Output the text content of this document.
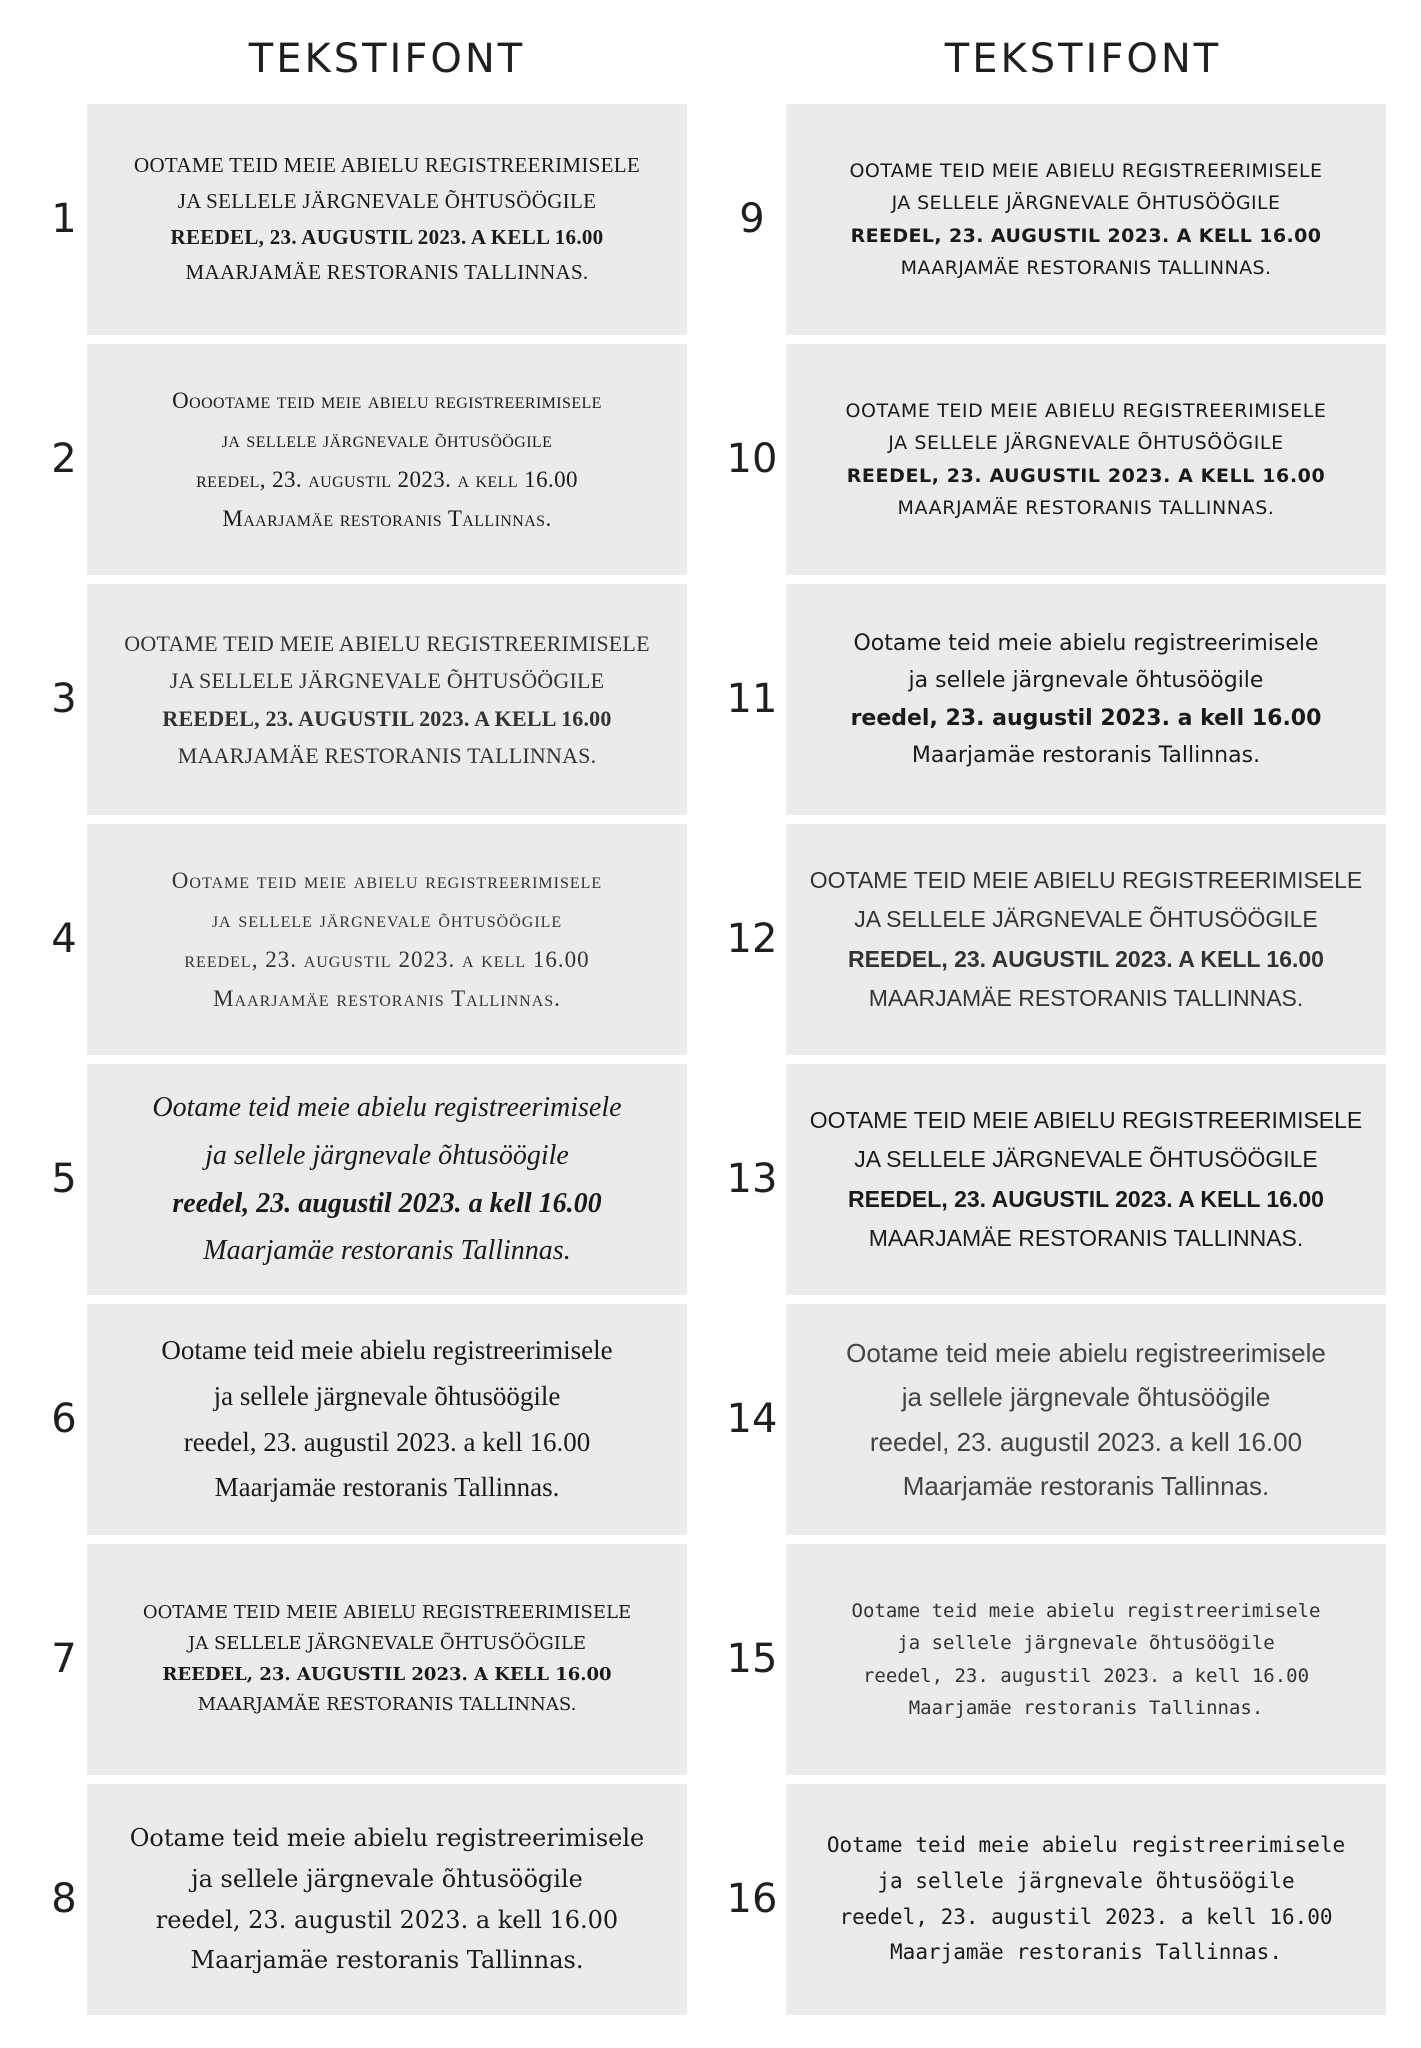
TEKSTIFONT	TEKSTIFONT
1
OOTAME TEID MEIE ABIELU REGISTREERIMISELE
JA SELLELE JÄRGNEVALE ÕHTUSÖÖGILE
REEDEL, 23. AUGUSTIL 2023. A KELL 16.00
MAARJAMÄE RESTORANIS TALLINNAS.
2
Ooootame teid meie abielu registreerimisele
ja sellele järgnevale õhtusöögile
reedel, 23. augustil 2023. a kell 16.00
Maarjamäe restoranis Tallinnas.
3
OOTAME TEID MEIE ABIELU REGISTREERIMISELE
JA SELLELE JÄRGNEVALE ÕHTUSÖÖGILE
REEDEL, 23. AUGUSTIL 2023. A KELL 16.00
MAARJAMÄE RESTORANIS TALLINNAS.
4
Ootame teid meie abielu registreerimisele
ja sellele järgnevale õhtusöögile
reedel, 23. augustil 2023. a kell 16.00
Maarjamäe restoranis Tallinnas.
5
Ootame teid meie abielu registreerimisele
ja sellele järgnevale õhtusöögile
reedel, 23. augustil 2023. a kell 16.00
Maarjamäe restoranis Tallinnas.
6
Ootame teid meie abielu registreerimisele
ja sellele järgnevale õhtusöögile
reedel, 23. augustil 2023. a kell 16.00
Maarjamäe restoranis Tallinnas.
7
OOTAME TEID MEIE ABIELU REGISTREERIMISELE
JA SELLELE JÄRGNEVALE ÕHTUSÖÖGILE
REEDEL, 23. AUGUSTIL 2023. A KELL 16.00
MAARJAMÄE RESTORANIS TALLINNAS.
8
Ootame teid meie abielu registreerimisele
ja sellele järgnevale õhtusöögile
reedel, 23. augustil 2023. a kell 16.00
Maarjamäe restoranis Tallinnas.
9
OOTAME TEID MEIE ABIELU REGISTREERIMISELE
JA SELLELE JÄRGNEVALE ÕHTUSÖÖGILE
REEDEL, 23. AUGUSTIL 2023. A KELL 16.00
MAARJAMÄE RESTORANIS TALLINNAS.
10
OOTAME TEID MEIE ABIELU REGISTREERIMISELE
JA SELLELE JÄRGNEVALE ÕHTUSÖÖGILE
REEDEL, 23. AUGUSTIL 2023. A KELL 16.00
MAARJAMÄE RESTORANIS TALLINNAS.
11
Ootame teid meie abielu registreerimisele
ja sellele järgnevale õhtusöögile
reedel, 23. augustil 2023. a kell 16.00
Maarjamäe restoranis Tallinnas.
12
OOTAME TEID MEIE ABIELU REGISTREERIMISELE
JA SELLELE JÄRGNEVALE ÕHTUSÖÖGILE
REEDEL, 23. AUGUSTIL 2023. A KELL 16.00
MAARJAMÄE RESTORANIS TALLINNAS.
13
OOTAME TEID MEIE ABIELU REGISTREERIMISELE
JA SELLELE JÄRGNEVALE ÕHTUSÖÖGILE
REEDEL, 23. AUGUSTIL 2023. A KELL 16.00
MAARJAMÄE RESTORANIS TALLINNAS.
14
Ootame teid meie abielu registreerimisele
ja sellele järgnevale õhtusöögile
reedel, 23. augustil 2023. a kell 16.00
Maarjamäe restoranis Tallinnas.
15
Ootame teid meie abielu registreerimisele
ja sellele järgnevale õhtusöögile
reedel, 23. augustil 2023. a kell 16.00
Maarjamäe restoranis Tallinnas.
16
Ootame teid meie abielu registreerimisele
ja sellele järgnevale õhtusöögile
reedel, 23. augustil 2023. a kell 16.00
Maarjamäe restoranis Tallinnas.
